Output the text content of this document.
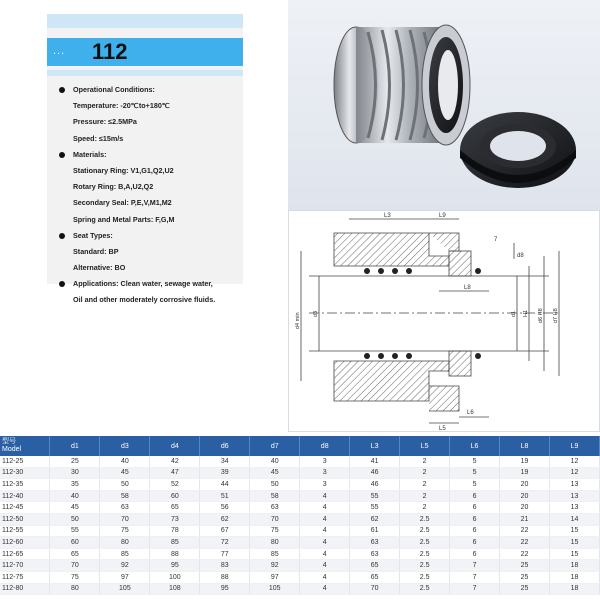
... 112
Operational Conditions:
Temperature: -20℃to+180℃
Pressure: ≤2.5MPa
Speed: ≤15m/s
Materials:
Stationary Ring: V1,G1,Q2,U2
Rotary Ring: B,A,U2,Q2
Secondary Seal: P,E,V,M1,M2
Spring and Metal Parts: F,G,M
Seat Types:
Standard: BP
Alternative: BO
Applications: Clean water, sewage water,
Oil and other moderately corrosive fluids.
L3	L9
7
d8
L8
L5
L6
d4 min d3	d1 H1 d6 H8 d7 H8
型号
Model	d1	d3	d4	d6	d7	d8	L3	L5	L6	L8	L9
112-25	25	40	42	34	40	3	41	2	5	19	12
112-30	30	45	47	39	45	3	46	2	5	19	12
112-35	35	50	52	44	50	3	46	2	5	20	13
112-40	40	58	60	51	58	4	55	2	6	20	13
112-45	45	63	65	56	63	4	55	2	6	20	13
112-50	50	70	73	62	70	4	62	2.5	6	21	14
112-55	55	75	78	67	75	4	61	2.5	6	22	15
112-60	60	80	85	72	80	4	63	2.5	6	22	15
112-65	65	85	88	77	85	4	63	2.5	6	22	15
112-70	70	92	95	83	92	4	65	2.5	7	25	18
112-75	75	97	100	88	97	4	65	2.5	7	25	18
112-80	80	105	108	95	105	4	70	2.5	7	25	18
